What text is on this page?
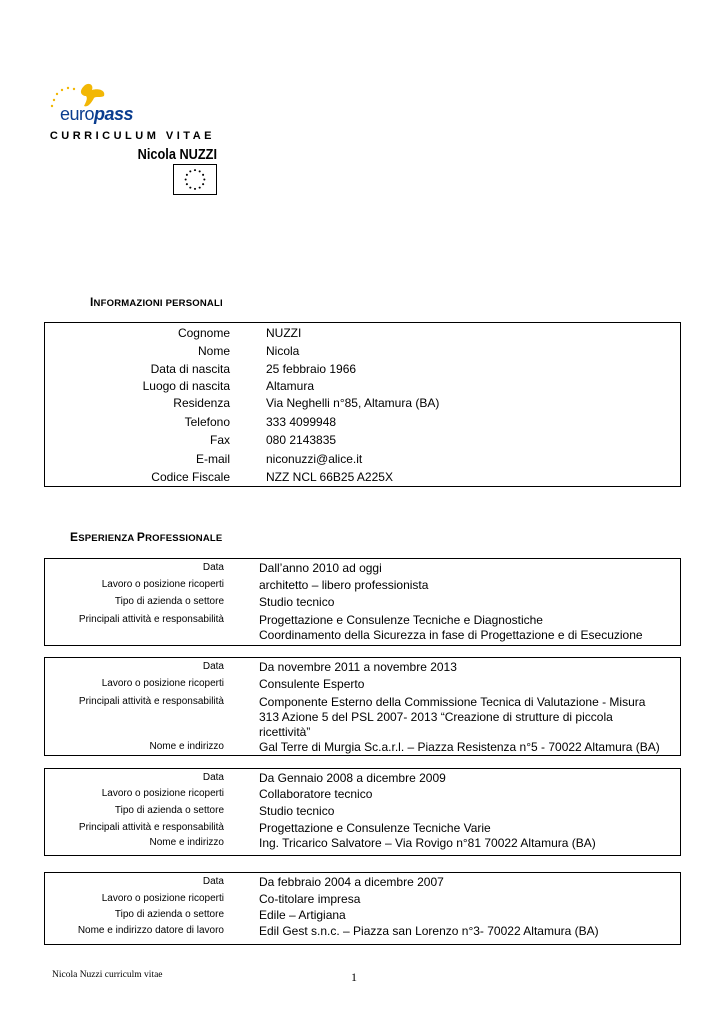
europass
CURRICULUM VITAE
Nicola NUZZI
INFORMAZIONI PERSONALI
Cognome	NUZZI
Nome	Nicola
Data di nascita	25 febbraio 1966
Luogo di nascita	Altamura
Residenza	Via Neghelli n°85, Altamura (BA)
Telefono	333 4099948
Fax	080 2143835
E-mail	niconuzzi@alice.it
Codice Fiscale	NZZ NCL 66B25 A225X
ESPERIENZA PROFESSIONALE
Data	Dall’anno 2010 ad oggi
Lavoro o posizione ricoperti	architetto – libero professionista
Tipo di azienda o settore	Studio tecnico
Principali attività e responsabilità	Progettazione e Consulenze Tecniche e Diagnostiche
Coordinamento della Sicurezza in fase di Progettazione e di Esecuzione
Data	Da novembre 2011 a novembre 2013
Lavoro o posizione ricoperti	Consulente Esperto
Principali attività e responsabilità	Componente Esterno della Commissione Tecnica di Valutazione - Misura
313 Azione 5 del PSL 2007- 2013 “Creazione di strutture di piccola
ricettività”
Nome e indirizzo	Gal Terre di Murgia Sc.a.r.l. – Piazza Resistenza n°5 - 70022 Altamura (BA)
Data	Da Gennaio 2008 a dicembre 2009
Lavoro o posizione ricoperti	Collaboratore tecnico
Tipo di azienda o settore	Studio tecnico
Principali attività e responsabilità	Progettazione e Consulenze Tecniche Varie
Nome e indirizzo	Ing. Tricarico Salvatore – Via Rovigo n°81 70022 Altamura (BA)
Data	Da febbraio 2004 a dicembre 2007
Lavoro o posizione ricoperti	Co-titolare impresa
Tipo di azienda o settore	Edile – Artigiana
Nome e indirizzo datore di lavoro	Edil Gest s.n.c. – Piazza san Lorenzo n°3- 70022 Altamura (BA)
Nicola Nuzzi curriculm vitae	1
